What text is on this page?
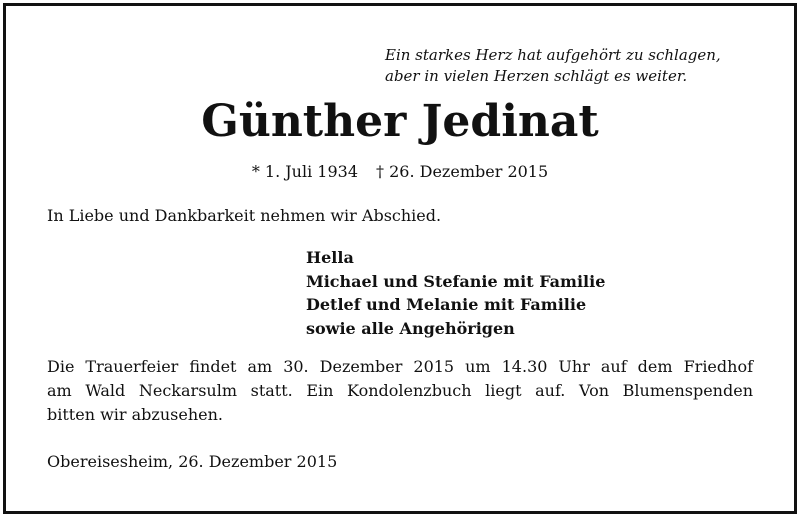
Ein starkes Herz hat aufgehört zu schlagen,
aber in vielen Herzen schlägt es weiter.
Günther Jedinat
* 1. Juli 1934 † 26. Dezember 2015
In Liebe und Dankbarkeit nehmen wir Abschied.
Hella
Michael und Stefanie mit Familie
Detlef und Melanie mit Familie
sowie alle Angehörigen
Die Trauerfeier findet am 30. Dezember 2015 um 14.30 Uhr auf dem Friedhof
am Wald Neckarsulm statt. Ein Kondolenzbuch liegt auf. Von Blumenspenden
bitten wir abzusehen.
Obereisesheim, 26. Dezember 2015
